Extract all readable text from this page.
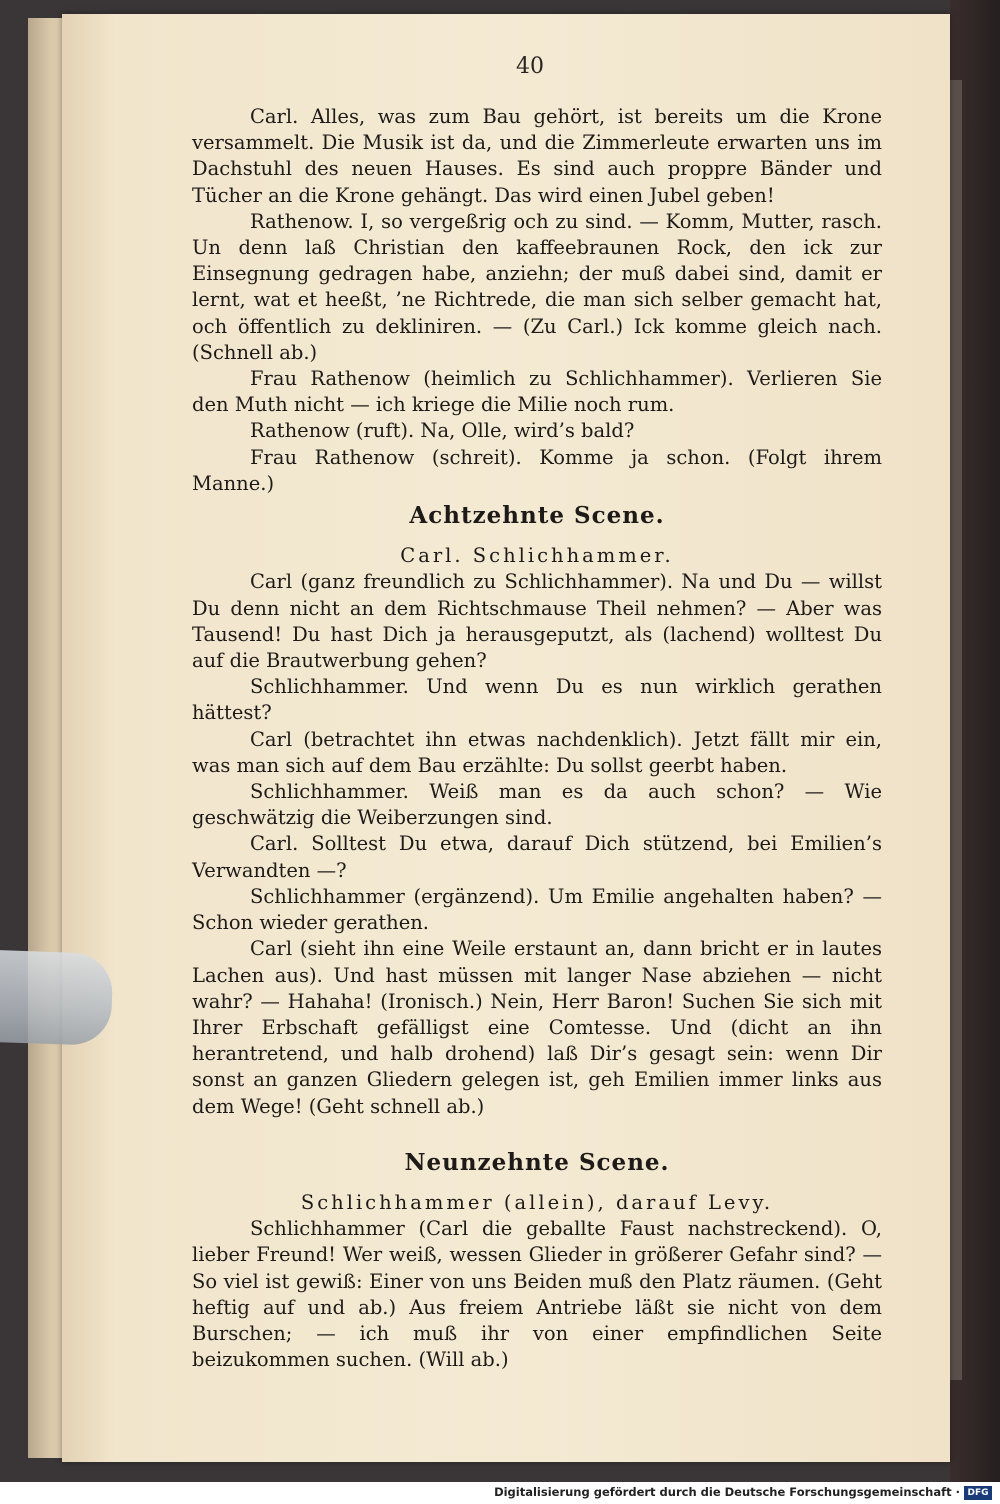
40

Carl. Alles, was zum Bau gehört, ist bereits um die Krone versammelt. Die Musik ist da, und die Zimmerleute erwarten uns im Dachstuhl des neuen Hauses. Es sind auch proppre Bänder und Tücher an die Krone gehängt. Das wird einen Jubel geben!

Rathenow. I, so vergeßrig och zu sind. — Komm, Mutter, rasch. Un denn laß Christian den kaffeebraunen Rock, den ick zur Einsegnung gedragen habe, anziehn; der muß dabei sind, damit er lernt, wat et heeßt, ’ne Richtrede, die man sich selber gemacht hat, och öffentlich zu dekliniren. — (Zu Carl.) Ick komme gleich nach. (Schnell ab.)

Frau Rathenow (heimlich zu Schlichhammer). Verlieren Sie den Muth nicht — ich kriege die Milie noch rum.

Rathenow (ruft). Na, Olle, wird’s bald?

Frau Rathenow (schreit). Komme ja schon. (Folgt ihrem Manne.)

Achtzehnte Scene.
Carl. Schlichhammer.

Carl (ganz freundlich zu Schlichhammer). Na und Du — willst Du denn nicht an dem Richtschmause Theil nehmen? — Aber was Tausend! Du hast Dich ja herausgeputzt, als (lachend) wolltest Du auf die Brautwerbung gehen?

Schlichhammer. Und wenn Du es nun wirklich gerathen hättest?

Carl (betrachtet ihn etwas nachdenklich). Jetzt fällt mir ein, was man sich auf dem Bau erzählte: Du sollst geerbt haben.

Schlichhammer. Weiß man es da auch schon? — Wie geschwätzig die Weiberzungen sind.

Carl. Solltest Du etwa, darauf Dich stützend, bei Emilien’s Verwandten —?

Schlichhammer (ergänzend). Um Emilie angehalten haben? — Schon wieder gerathen.

Carl (sieht ihn eine Weile erstaunt an, dann bricht er in lautes Lachen aus). Und hast müssen mit langer Nase abziehen — nicht wahr? — Hahaha! (Ironisch.) Nein, Herr Baron! Suchen Sie sich mit Ihrer Erbschaft gefälligst eine Comtesse. Und (dicht an ihn herantretend, und halb drohend) laß Dir’s gesagt sein: wenn Dir sonst an ganzen Gliedern gelegen ist, geh Emilien immer links aus dem Wege! (Geht schnell ab.)

Neunzehnte Scene.
Schlichhammer (allein), darauf Levy.

Schlichhammer (Carl die geballte Faust nachstreckend). O, lieber Freund! Wer weiß, wessen Glieder in größerer Gefahr sind? — So viel ist gewiß: Einer von uns Beiden muß den Platz räumen. (Geht heftig auf und ab.) Aus freiem Antriebe läßt sie nicht von dem Burschen; — ich muß ihr von einer empfindlichen Seite beizukommen suchen. (Will ab.)

Digitalisierung gefördert durch die Deutsche Forschungsgemeinschaft · DFG
